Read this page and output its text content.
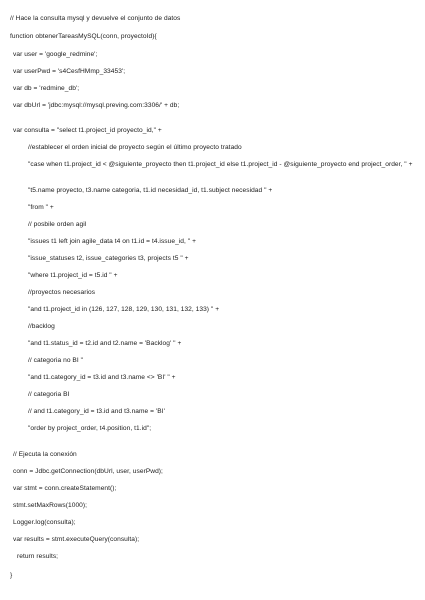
// Hace la consulta mysql y devuelve el conjunto de datos
function obtenerTareasMySQL(conn, proyectoId){
var user = 'google_redmine';
var userPwd = 's4CesfHMmp_33453';
var db = 'redmine_db';
var dbUrl = 'jdbc:mysql://mysql.preving.com:3306/' + db;
var consulta = "select t1.project_id proyecto_id," +
//establecer el orden inicial de proyecto según el último proyecto tratado
"case when t1.project_id < @siguiente_proyecto then t1.project_id else t1.project_id - @siguiente_proyecto end project_order, " +
"t5.name proyecto, t3.name categoria, t1.id necesidad_id, t1.subject necesidad " +
"from " +
// posbile orden agil
"issues t1 left join agile_data t4 on t1.id = t4.issue_id, " +
"issue_statuses t2, issue_categories t3, projects t5 " +
"where t1.project_id = t5.id " +
//proyectos necesarios
"and t1.project_id in (126, 127, 128, 129, 130, 131, 132, 133) " +
//backlog
"and t1.status_id = t2.id and t2.name = 'Backlog' " +
// categoria no BI "
"and t1.category_id = t3.id and t3.name <> 'BI' " +
// categoria BI
// and t1.category_id = t3.id and t3.name = 'BI'
"order by project_order, t4.position, t1.id";
// Ejecuta la conexión
conn = Jdbc.getConnection(dbUrl, user, userPwd);
var stmt = conn.createStatement();
stmt.setMaxRows(1000);
Logger.log(consulta);
var results = stmt.executeQuery(consulta);
return results;
}
